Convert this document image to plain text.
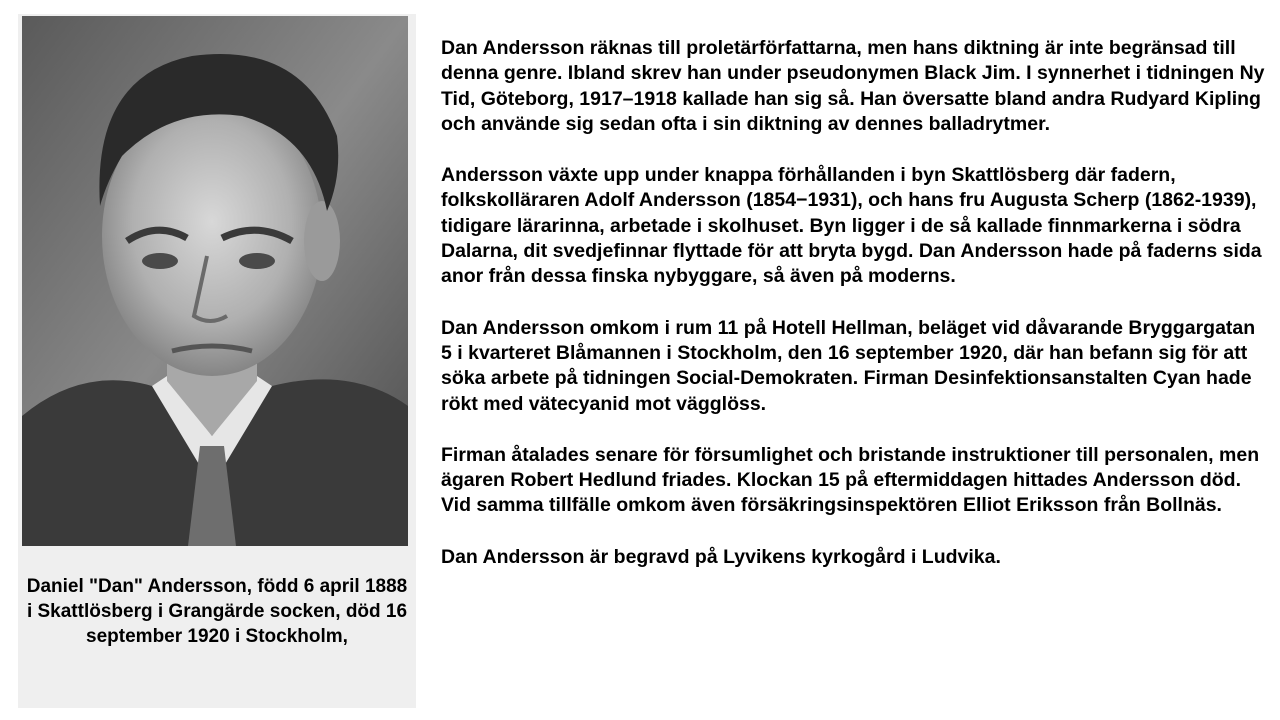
Daniel "Dan" Andersson, född 6 april 1888 i Skattlösberg i Grangärde socken, död 16 september 1920 i Stockholm,

Dan Andersson räknas till proletärförfattarna, men hans diktning är inte begränsad till denna genre. Ibland skrev han under pseudonymen Black Jim. I synnerhet i tidningen Ny Tid, Göteborg, 1917–1918 kallade han sig så. Han översatte bland andra Rudyard Kipling och använde sig sedan ofta i sin diktning av dennes balladrytmer.

Andersson växte upp under knappa förhållanden i byn Skattlösberg där fadern, folkskolläraren Adolf Andersson (1854−1931), och hans fru Augusta Scherp (1862-1939), tidigare lärarinna, arbetade i skolhuset. Byn ligger i de så kallade finnmarkerna i södra Dalarna, dit svedjefinnar flyttade för att bryta bygd. Dan Andersson hade på faderns sida anor från dessa finska nybyggare, så även på moderns.

Dan Andersson omkom i rum 11 på Hotell Hellman, beläget vid dåvarande Bryggargatan 5 i kvarteret Blåmannen i Stockholm, den 16 september 1920, där han befann sig för att söka arbete på tidningen Social-Demokraten. Firman Desinfektionsanstalten Cyan hade rökt med vätecyanid mot vägglöss.

Firman åtalades senare för försumlighet och bristande instruktioner till personalen, men ägaren Robert Hedlund friades. Klockan 15 på eftermiddagen hittades Andersson död. Vid samma tillfälle omkom även försäkringsinspektören Elliot Eriksson från Bollnäs.

Dan Andersson är begravd på Lyvikens kyrkogård i Ludvika.
